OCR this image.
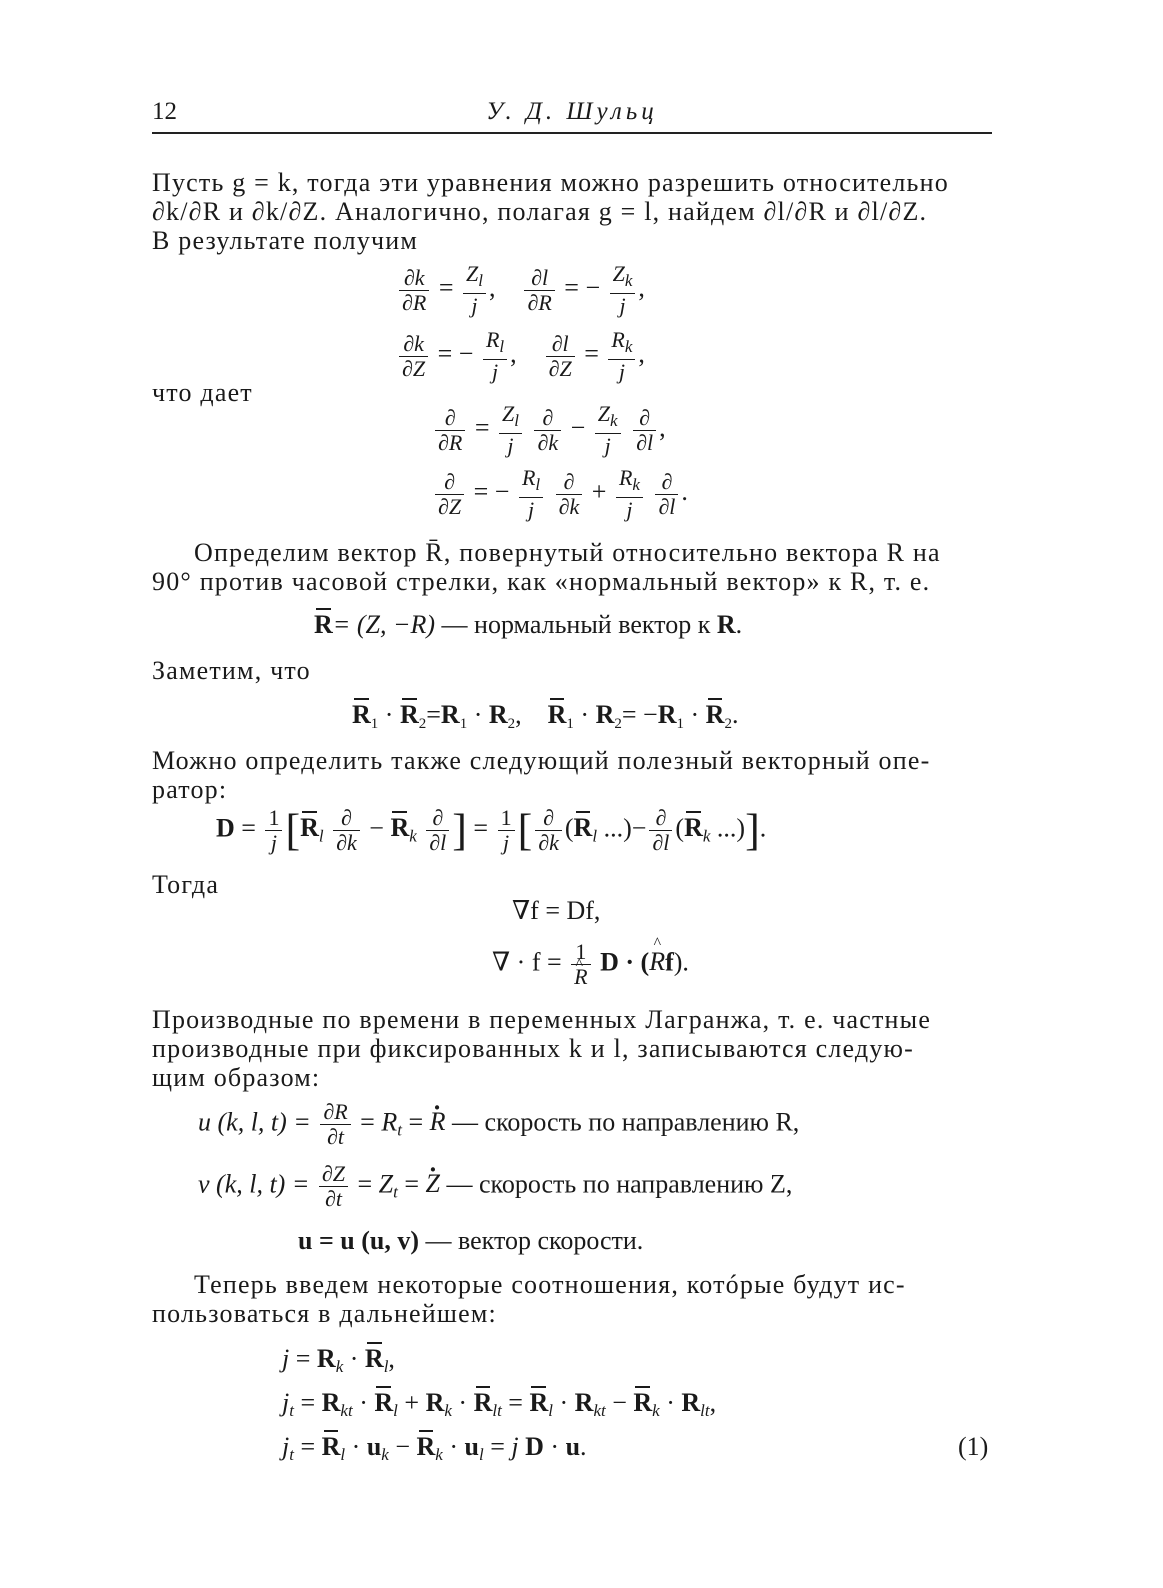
12	У. Д. Шульц
Пусть g = k, тогда эти уравнения можно разрешить относительно
∂k/∂R и ∂k/∂Z. Аналогично, полагая g = l, найдем ∂l/∂R и ∂l/∂Z.
В результате получим
$\frac{\partial k}{\partial R} = \frac{Z_l}{j}$ , $\frac{\partial l}{\partial R}$ = − $\frac{Z_k}{j}$ ,
$\frac{\partial k}{\partial Z}$ = − $\frac{R_l}{j}$ , $\frac{\partial l}{\partial Z} = \frac{R_k}{j}$ ,
что дает
$\frac{\partial}{\partial R} = \frac{Z_l}{j}$
$\frac{\partial}{\partial k} - \frac{Z_k}{j}$
$\frac{\partial}{\partial l}$ ,
$\frac{\partial}{\partial Z}$ = − $\frac{R_l}{j}$
$\frac{\partial}{\partial k} + \frac{R_k}{j}$
$\frac{\partial}{\partial l}$ .
Определим вектор R̄, повернутый относительно вектора R на
90° против часовой стрелки, как «нормальный вектор» к R, т. е.
R= (Z, −R) — нормальный вектор к R.
Заметим, что
R1 · R2=R1 · R2, R1 · R2= −R1 · R2.
Можно определить также следующий полезный векторный опе-
ратор:
$D = \frac{1}{j} [R_l \frac{\partial}{\partial k} - R_k \frac{\partial}{\partial l}$ ] = $\frac{1}{j}$ [ $\frac{\partial}{\partial k} (R_l$ ...)− $\frac{\partial}{\partial l} (R_k$ ...)].
Тогда
∇f = Df,
∇ · f = 1
^ R D · (^ Rf).
Производные по времени в переменных Лагранжа, т. е. частные
производные при фиксированных k и l, записываются следую-
щим образом:
u (k, l, $t) = \frac{\partial R}{\partial t} = R_t$ = · R — скорость по направлению R,
v (k, l, $t) = \frac{\partial Z}{\partial t} = Z_t$ = · Z — скорость по направлению Z,
u = u (u, v) — вектор скорости.
Теперь введем некоторые соотношения, котóрые будут ис-
пользоваться в дальнейшем:
$j = R_k \cdot R_l$,
$j_t = R_{kt} \cdot R_l + R_k \cdot R_{lt} = R_l \cdot R_{kt} - R_k \cdot R_{lt}$,
$j_t = R_l \cdot u_k - R_k \cdot u_l = j$ D · u.	(1)
